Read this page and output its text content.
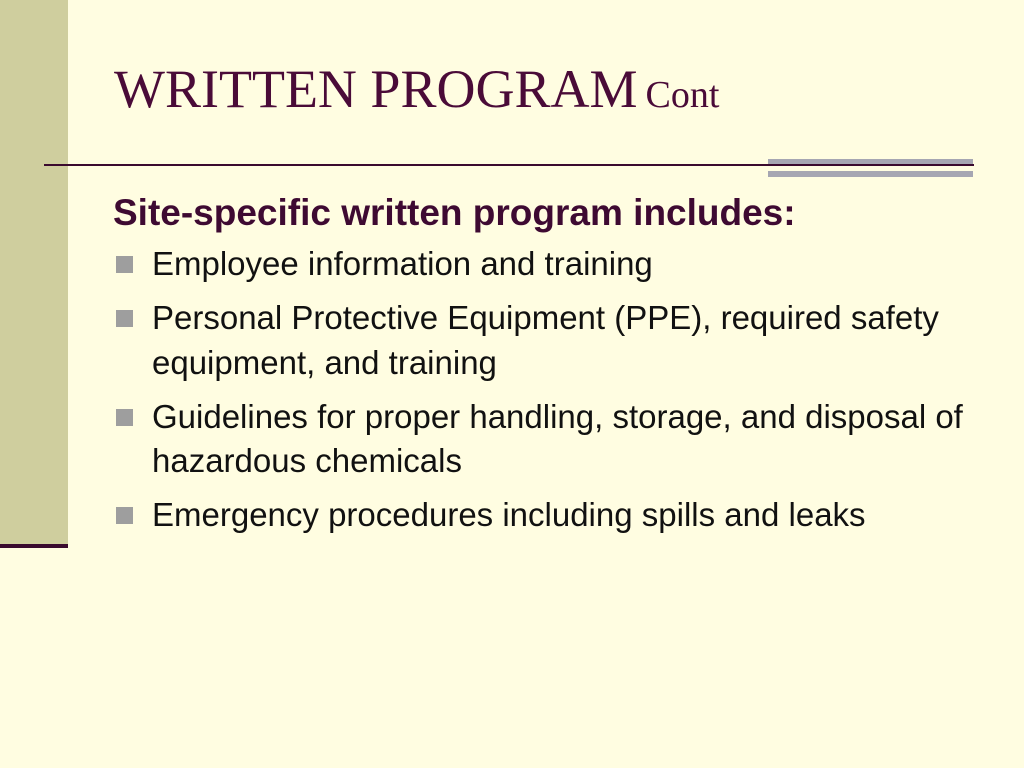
WRITTEN PROGRAM Cont

Site-specific written program includes:

Employee information and training
Personal Protective Equipment (PPE), required safety equipment, and training
Guidelines for proper handling, storage, and disposal of hazardous chemicals
Emergency procedures including spills and leaks
